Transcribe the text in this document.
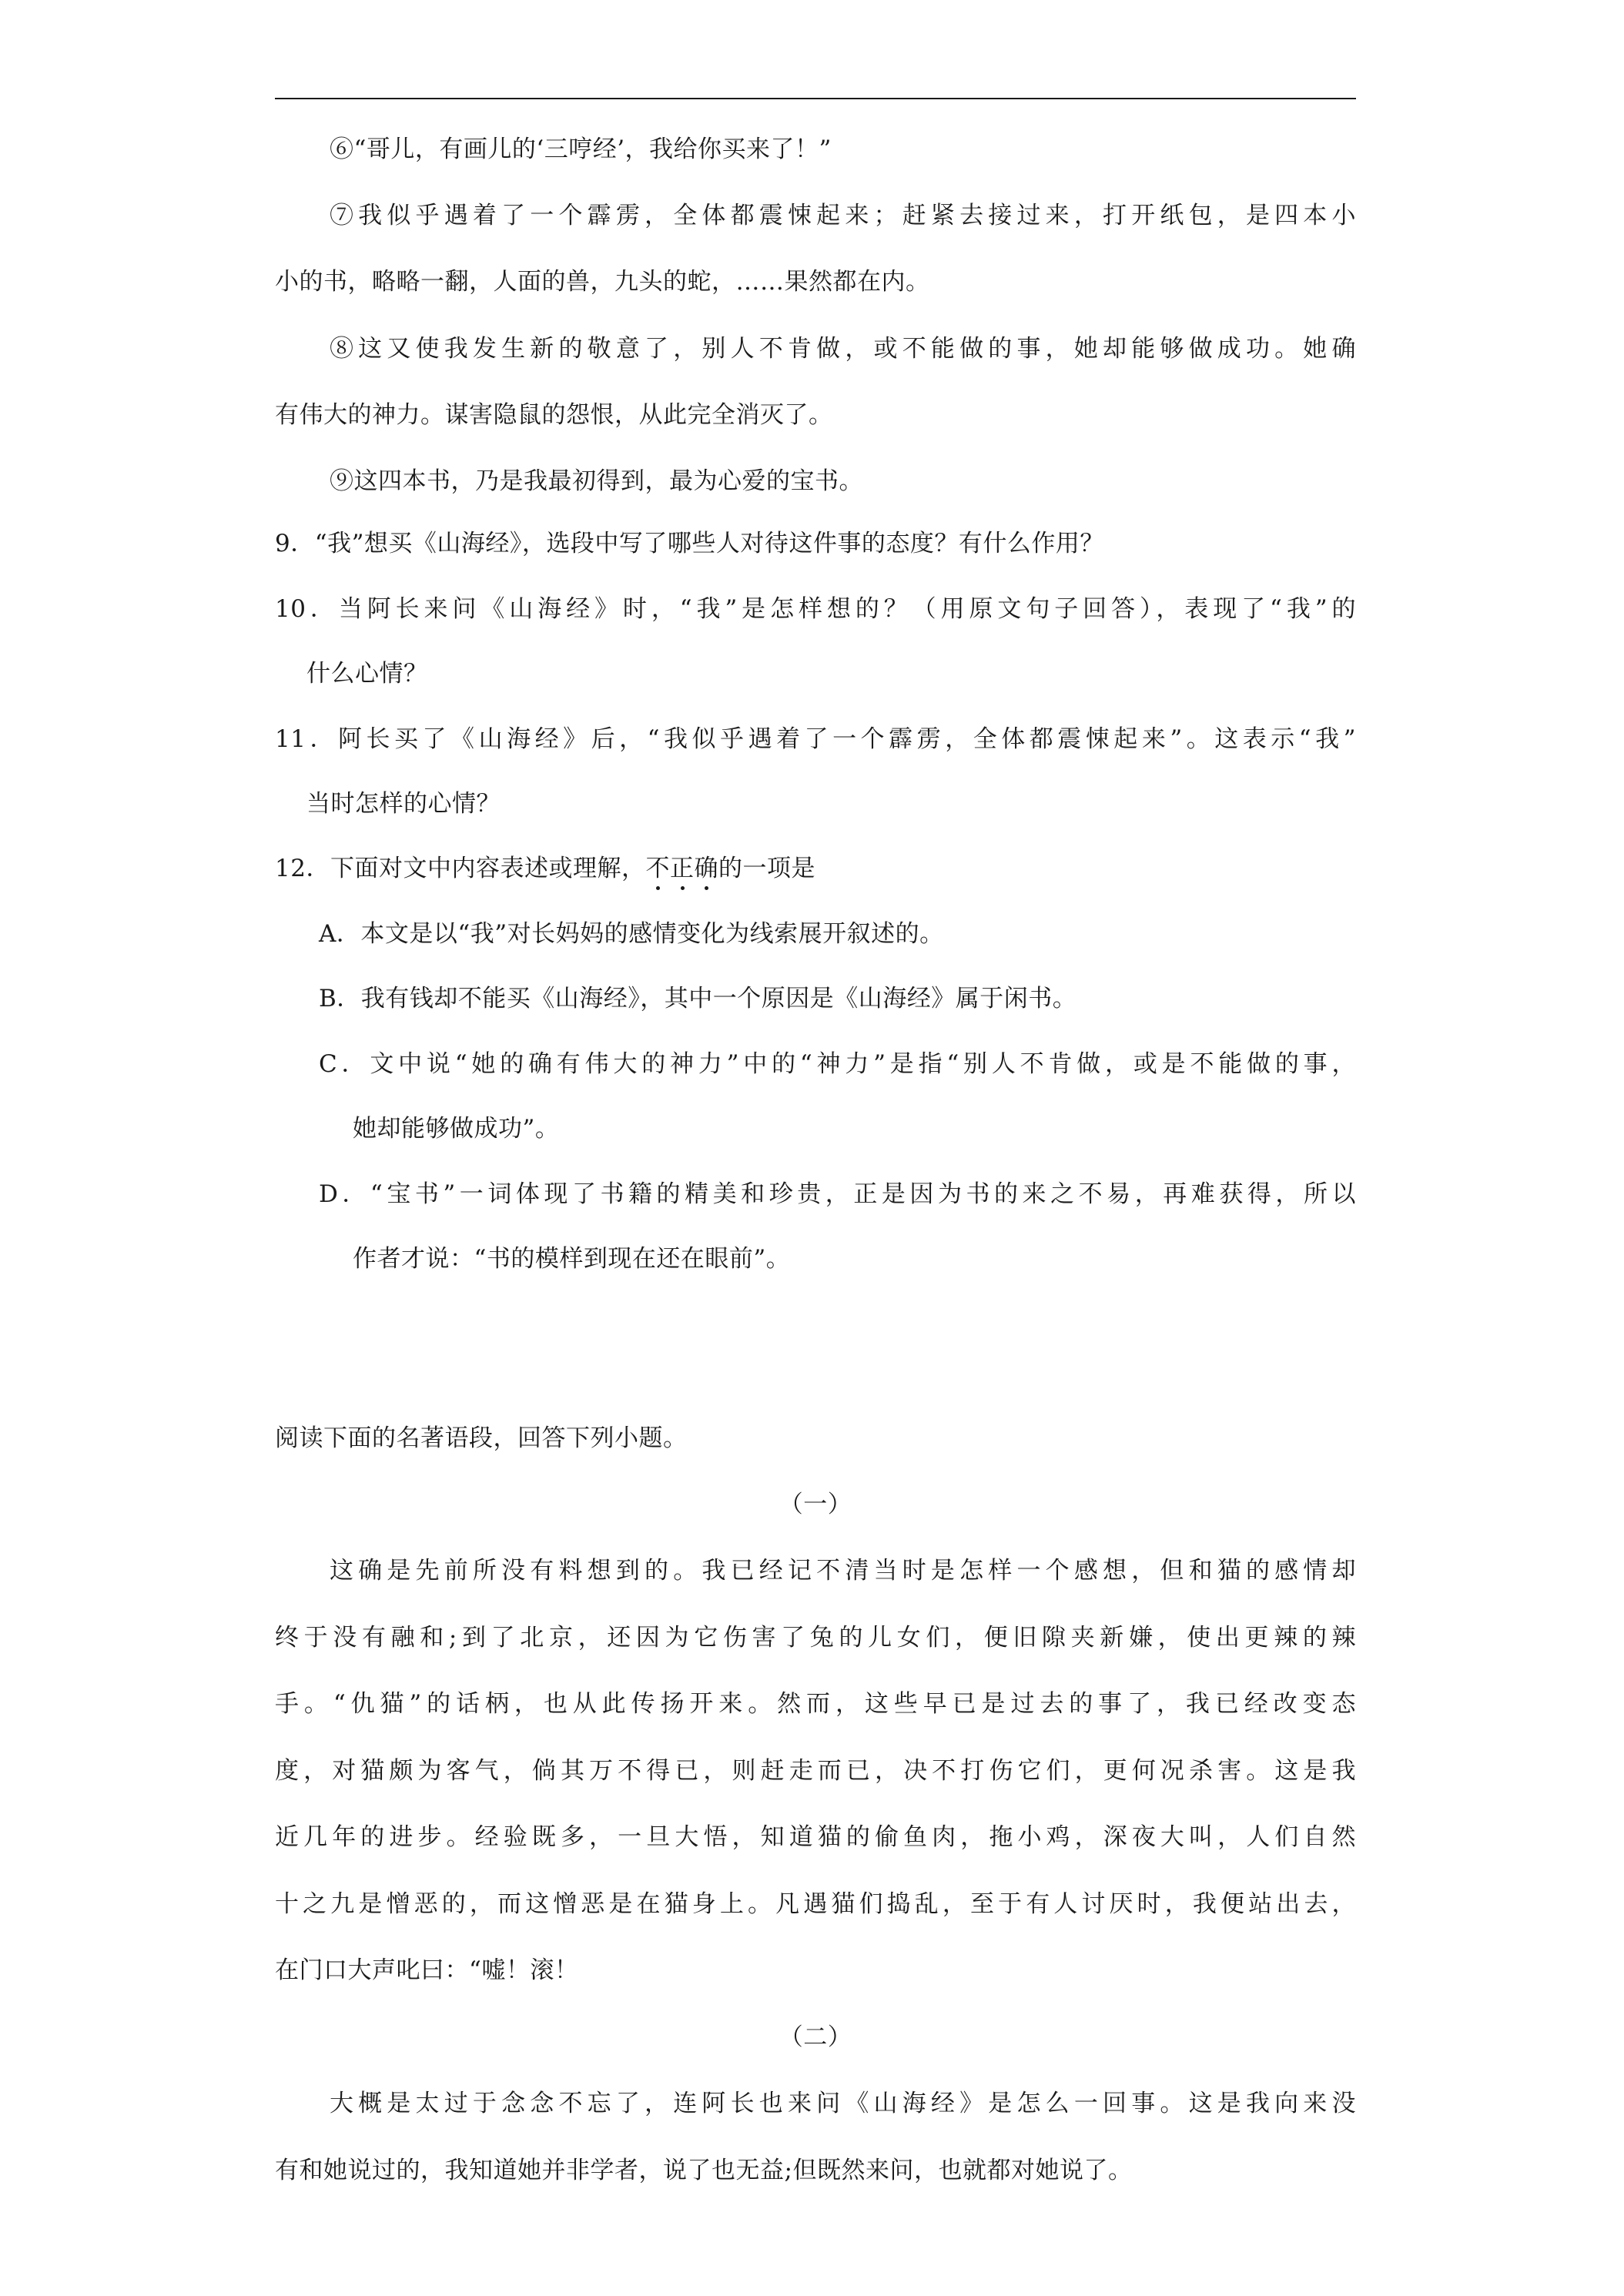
⑥“哥儿，有画儿的‘三哼经’，我给你买来了！”
⑦我似乎遇着了一个霹雳，全体都震悚起来；赶紧去接过来，打开纸包，是四本小
小的书，略略一翻，人面的兽，九头的蛇，……果然都在内。
⑧这又使我发生新的敬意了，别人不肯做，或不能做的事，她却能够做成功。她确
有伟大的神力。谋害隐鼠的怨恨，从此完全消灭了。
⑨这四本书，乃是我最初得到，最为心爱的宝书。
9．“我”想买《山海经》，选段中写了哪些人对待这件事的态度？有什么作用？
10．当阿长来问《山海经》时，“我”是怎样想的？（用原文句子回答），表现了“我”的
什么心情？
11．阿长买了《山海经》后，“我似乎遇着了一个霹雳，全体都震悚起来”。这表示“我”
当时怎样的心情？
12．下面对文中内容表述或理解，不正确的一项是
A．本文是以“我”对长妈妈的感情变化为线索展开叙述的。
B．我有钱却不能买《山海经》，其中一个原因是《山海经》属于闲书。
C．文中说“她的确有伟大的神力”中的“神力”是指“别人不肯做，或是不能做的事，
她却能够做成功”。
D．“宝书”一词体现了书籍的精美和珍贵，正是因为书的来之不易，再难获得，所以
作者才说：“书的模样到现在还在眼前”。
阅读下面的名著语段，回答下列小题。
（一）
这确是先前所没有料想到的。我已经记不清当时是怎样一个感想，但和猫的感情却
终于没有融和;到了北京，还因为它伤害了兔的儿女们，便旧隙夹新嫌，使出更辣的辣
手。“仇猫”的话柄，也从此传扬开来。然而，这些早已是过去的事了，我已经改变态
度，对猫颇为客气，倘其万不得已，则赶走而已，决不打伤它们，更何况杀害。这是我
近几年的进步。经验既多，一旦大悟，知道猫的偷鱼肉，拖小鸡，深夜大叫，人们自然
十之九是憎恶的，而这憎恶是在猫身上。凡遇猫们捣乱，至于有人讨厌时，我便站出去，
在门口大声叱曰：“嘘！滚！
（二）
大概是太过于念念不忘了，连阿长也来问《山海经》是怎么一回事。这是我向来没
有和她说过的，我知道她并非学者，说了也无益;但既然来问，也就都对她说了。
